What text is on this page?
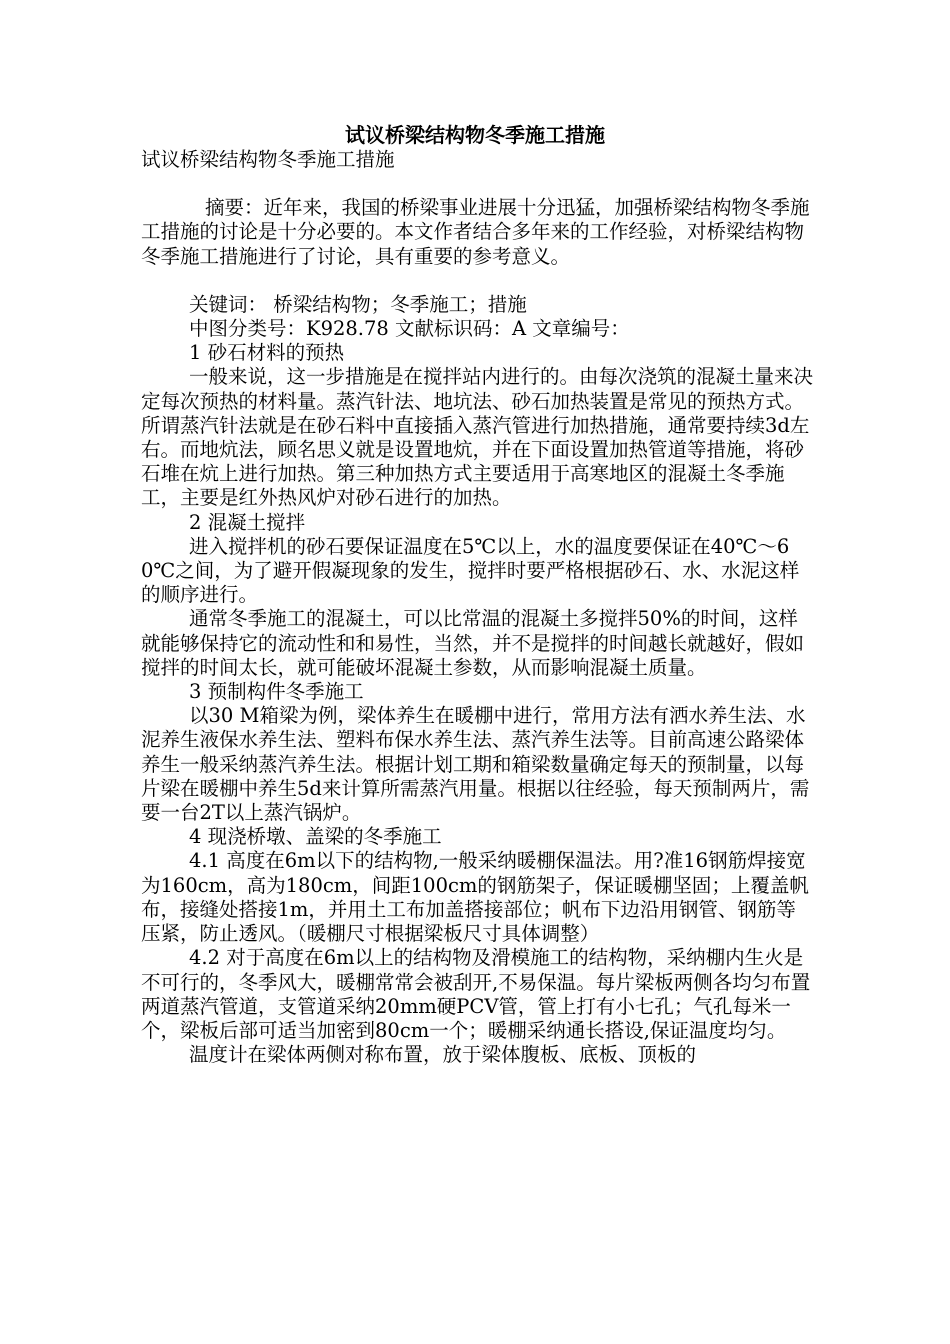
试议桥梁结构物冬季施工措施

试议桥梁结构物冬季施工措施

摘要：近年来，我国的桥梁事业进展十分迅猛，加强桥梁结构物冬季施工措施的讨论是十分必要的。本文作者结合多年来的工作经验，对桥梁结构物冬季施工措施进行了讨论，具有重要的参考意义。

关键词： 桥梁结构物；冬季施工；措施

中图分类号：K928.78 文献标识码：A 文章编号：

1 砂石材料的预热

一般来说，这一步措施是在搅拌站内进行的。由每次浇筑的混凝土量来决定每次预热的材料量。蒸汽针法、地坑法、砂石加热装置是常见的预热方式。所谓蒸汽针法就是在砂石料中直接插入蒸汽管进行加热措施，通常要持续3d左右。而地炕法，顾名思义就是设置地炕，并在下面设置加热管道等措施，将砂石堆在炕上进行加热。第三种加热方式主要适用于高寒地区的混凝土冬季施工，主要是红外热风炉对砂石进行的加热。

2 混凝土搅拌

进入搅拌机的砂石要保证温度在5℃以上，水的温度要保证在40℃～60℃之间，为了避开假凝现象的发生，搅拌时要严格根据砂石、水、水泥这样的顺序进行。

通常冬季施工的混凝土，可以比常温的混凝土多搅拌50%的时间，这样就能够保持它的流动性和和易性，当然，并不是搅拌的时间越长就越好，假如搅拌的时间太长，就可能破坏混凝土参数，从而影响混凝土质量。

3 预制构件冬季施工

以30 M箱梁为例，梁体养生在暖棚中进行，常用方法有洒水养生法、水泥养生液保水养生法、塑料布保水养生法、蒸汽养生法等。目前高速公路梁体养生一般采纳蒸汽养生法。根据计划工期和箱梁数量确定每天的预制量，以每片梁在暖棚中养生5d来计算所需蒸汽用量。根据以往经验，每天预制两片，需要一台2T以上蒸汽锅炉。

4 现浇桥墩、盖梁的冬季施工

4.1 高度在6m以下的结构物,一般采纳暖棚保温法。用?准16钢筋焊接宽为160cm，高为180cm，间距100cm的钢筋架子，保证暖棚坚固；上覆盖帆布，接缝处搭接1m，并用土工布加盖搭接部位；帆布下边沿用钢管、钢筋等压紧，防止透风。（暖棚尺寸根据梁板尺寸具体调整）

4.2 对于高度在6m以上的结构物及滑模施工的结构物，采纳棚内生火是不可行的，冬季风大，暖棚常常会被刮开,不易保温。每片梁板两侧各均匀布置两道蒸汽管道，支管道采纳20mm硬PCV管，管上打有小七孔；气孔每米一个，梁板后部可适当加密到80cm一个；暖棚采纳通长搭设,保证温度均匀。

温度计在梁体两侧对称布置，放于梁体腹板、底板、顶板的
